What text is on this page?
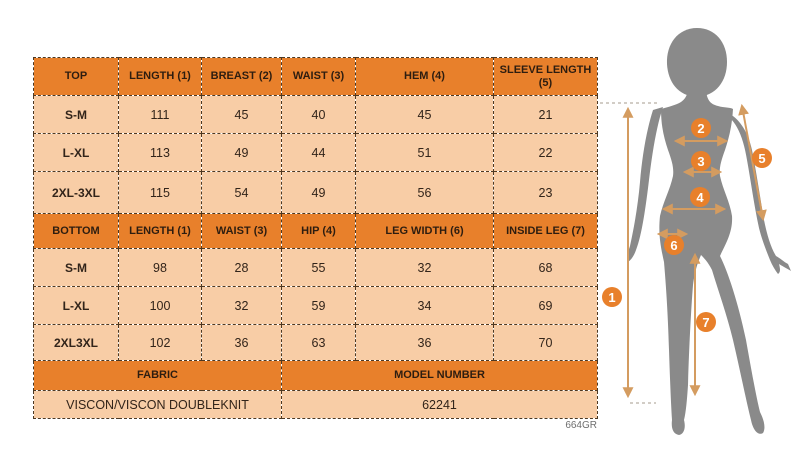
TOP	LENGTH (1)	BREAST (2)	WAIST (3)	HEM (4)	SLEEVE LENGTH (5)
S-M	111	45	40	45	21
L-XL	113	49	44	51	22
2XL-3XL	115	54	49	56	23
BOTTOM	LENGTH (1)	WAIST (3)	HIP (4)	LEG WIDTH (6)	INSIDE LEG (7)
S-M	98	28	55	32	68
L-XL	100	32	59	34	69
2XL3XL	102	36	63	36	70
FABRIC			MODEL NUMBER		
VISCON/VISCON DOUBLEKNIT			62241		
664GR
1
2
3
4
5
6
7
